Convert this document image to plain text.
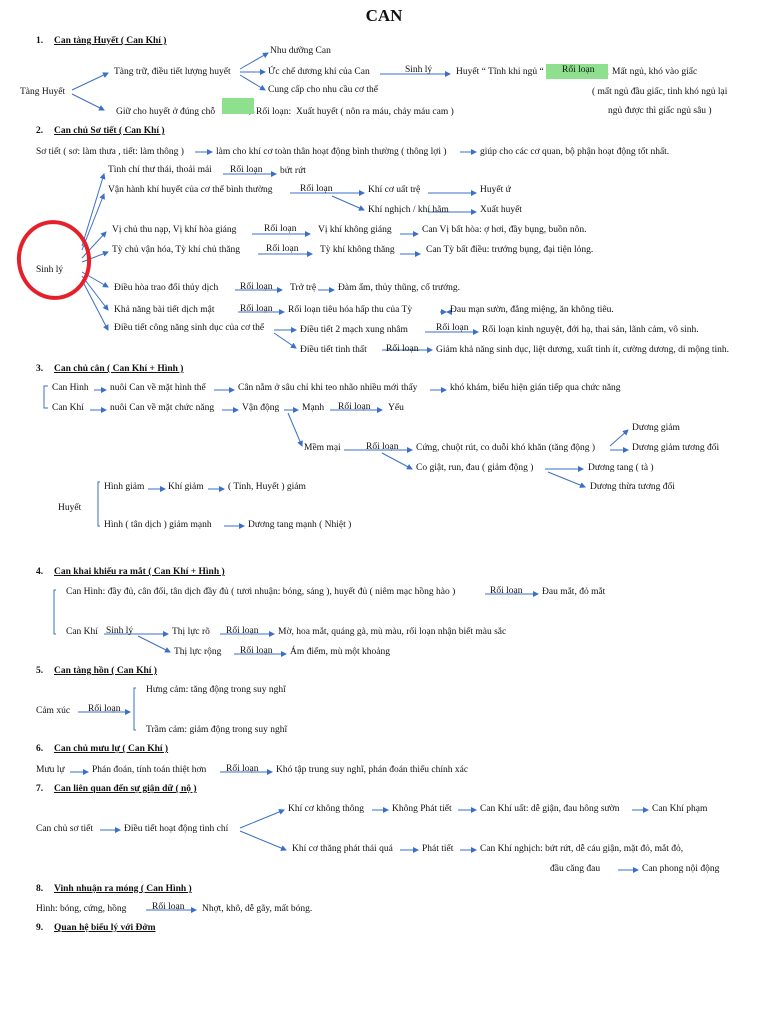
CAN
1. Can tàng Huyết ( Can Khí )
Tàng Huyết
Tàng trữ, điều tiết lượng huyết
Nhu dưỡng Can
Ức chế dương khí của Can	Sinh lý	Huyết “ Tĩnh khi ngủ “ Rối loạn Mất ngủ, khó vào giấc
( mất ngủ đầu giấc, tỉnh khó ngủ lại
ngủ được thì giấc ngủ sâu )
Cung cấp cho nhu cầu cơ thể
Giữ cho huyết ở đúng chỗ	Rối loạn: Xuất huyết ( nôn ra máu, chảy máu cam )
2. Can chủ Sơ tiết ( Can Khí )
Sơ tiết ( sơ: làm thưa , tiết: làm thông )	làm cho khí cơ toàn thân hoạt động bình thường ( thông lợi )	giúp cho các cơ quan, bộ phận hoạt động tốt nhất.
Sinh lý
Tình chí thư thái, thoải mái Rối loạn bứt rứt
Vận hành khí huyết của cơ thể bình thường	Rối loạn	Khí cơ uất trệ	Huyết ứ
Khí nghịch / khí hãm	Xuất huyết
Vị chủ thu nạp, Vị khí hòa giáng	Rối loạn Vị khí không giáng	Can Vị bất hòa: ợ hơi, đầy bụng, buồn nôn.
Tỳ chủ vận hóa, Tỳ khí chủ thăng	Rối loạn Tỳ khí không thăng	Can Tỳ bất điều: trướng bụng, đại tiện lỏng.
Điều hòa trao đổi thủy dịch Rối loạn Trở trệ Đàm ẩm, thủy thũng, cổ trướng.
Khả năng bài tiết dịch mật	Rối loạn Rối loạn tiêu hóa hấp thu của Tỳ	Đau mạn sườn, đắng miệng, ăn không tiêu.
Điều tiết công năng sinh dục của cơ thể	Điều tiết 2 mạch xung nhâm	Rối loạn Rối loạn kinh nguyệt, đới hạ, thai sản, lãnh cảm, vô sinh.
Điều tiết tinh thất Rối loạn Giảm khả năng sinh dục, liệt dương, xuất tinh ít, cường dương, di mộng tinh.
3. Can chủ cân ( Can Khí + Hình )
Can Hình nuôi Can về mặt hình thể	Cân nằm ở sâu chỉ khi teo nhão nhiều mới thấy	khó khám, biểu hiện gián tiếp qua chức năng
Can Khí	nuôi Can về mặt chức năng	Vận động Mạnh Rối loạn Yếu
Mềm mại	Rối loạn Cứng, chuột rút, co duỗi khó khăn (tăng động )
Dương giảm
Dương giảm tương đối
Co giật, run, đau ( giảm động )	Dương tang ( tà )
Dương thừa tương đối
Huyết
Hình giảm Khí giảm	( Tinh, Huyết ) giảm
Hình ( tân dịch ) giảm mạnh	Dương tang mạnh ( Nhiệt )
4. Can khai khiếu ra mắt ( Can Khí + Hình )
Can Hình: đầy đủ, cân đối, tân dịch đầy đủ ( tươi nhuận: bóng, sáng ), huyết đủ ( niêm mạc hồng hào )	Rối loạn Đau mắt, đỏ mắt
Can Khí Sinh lý	Thị lực rõ Rối loạn Mờ, hoa mắt, quáng gà, mù màu, rối loạn nhận biết màu sắc
Thị lực rộng Rối loạn Ám điểm, mù một khoảng
5. Can tàng hồn ( Can Khí )
Cảm xúc Rối loạn
Hưng cảm: tăng động trong suy nghĩ
Trầm cảm: giảm động trong suy nghĩ
6. Can chủ mưu lự ( Can Khí )
Mưu lự	Phán đoán, tính toán thiệt hơn Rối loạn Khó tập trung suy nghĩ, phán đoán thiếu chính xác
7. Can liên quan đến sự giận dữ ( nộ )
Can chủ sơ tiết	Điều tiết hoạt động tình chí
Khí cơ không thông	Không Phát tiết	Can Khí uất: dễ giận, đau hông sườn	Can Khí phạm
Khí cơ thăng phát thái quá	Phát tiết	Can Khí nghịch: bứt rứt, dễ cáu giận, mặt đỏ, mắt đỏ,
đầu căng đau	Can phong nội động
8. Vinh nhuận ra móng ( Can Hình )
Hình: bóng, cứng, hồng	Rối loạn Nhợt, khô, dễ gãy, mất bóng.
9. Quan hệ biểu lý với Đởm
